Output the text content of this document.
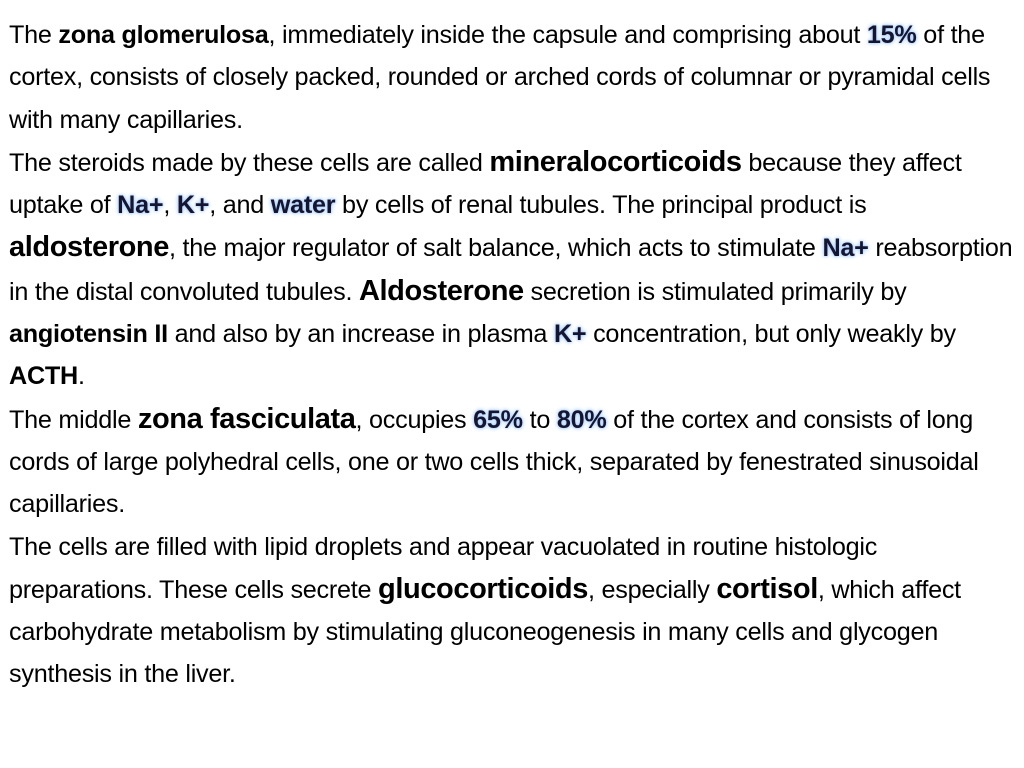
The zona glomerulosa, immediately inside the capsule and comprising about 15% of the cortex, consists of closely packed, rounded or arched cords of columnar or pyramidal cells with many capillaries.

The steroids made by these cells are called mineralocorticoids because they affect uptake of Na+, K+, and water by cells of renal tubules. The principal product is aldosterone, the major regulator of salt balance, which acts to stimulate Na+ reabsorption in the distal convoluted tubules. Aldosterone secretion is stimulated primarily by angiotensin II and also by an increase in plasma K+ concentration, but only weakly by ACTH.

The middle zona fasciculata, occupies 65% to 80% of the cortex and consists of long cords of large polyhedral cells, one or two cells thick, separated by fenestrated sinusoidal capillaries.

The cells are filled with lipid droplets and appear vacuolated in routine histologic preparations. These cells secrete glucocorticoids, especially cortisol, which affect carbohydrate metabolism by stimulating gluconeogenesis in many cells and glycogen synthesis in the liver.
